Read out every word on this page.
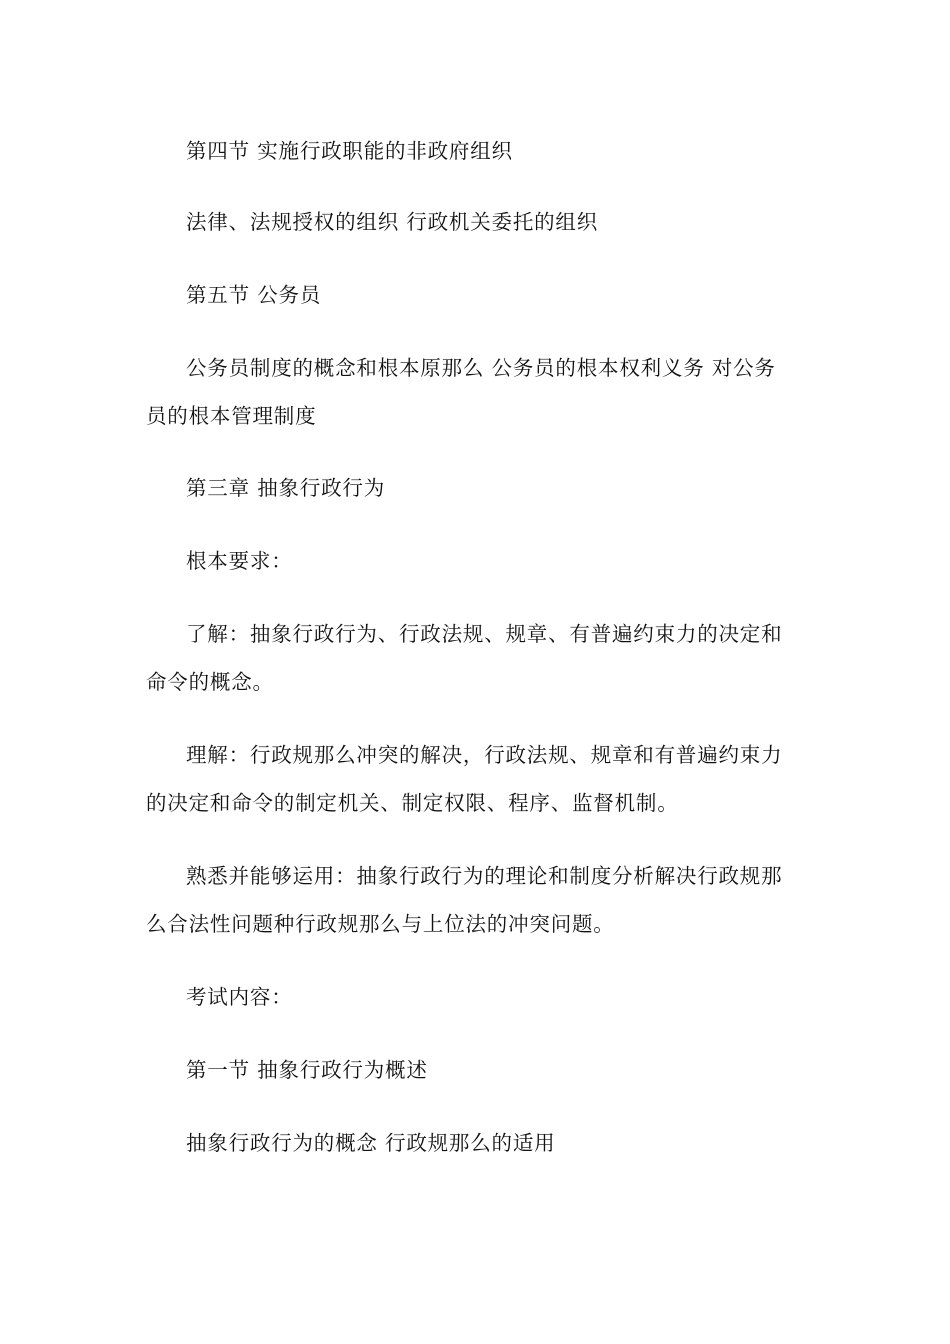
第四节 实施行政职能的非政府组织

法律、法规授权的组织 行政机关委托的组织

第五节 公务员

公务员制度的概念和根本原那么 公务员的根本权利义务 对公务员的根本管理制度

第三章 抽象行政行为

根本要求：

了解：抽象行政行为、行政法规、规章、有普遍约束力的决定和命令的概念。

理解：行政规那么冲突的解决，行政法规、规章和有普遍约束力的决定和命令的制定机关、制定权限、程序、监督机制。

熟悉并能够运用：抽象行政行为的理论和制度分析解决行政规那么合法性问题种行政规那么与上位法的冲突问题。

考试内容：

第一节 抽象行政行为概述

抽象行政行为的概念 行政规那么的适用
